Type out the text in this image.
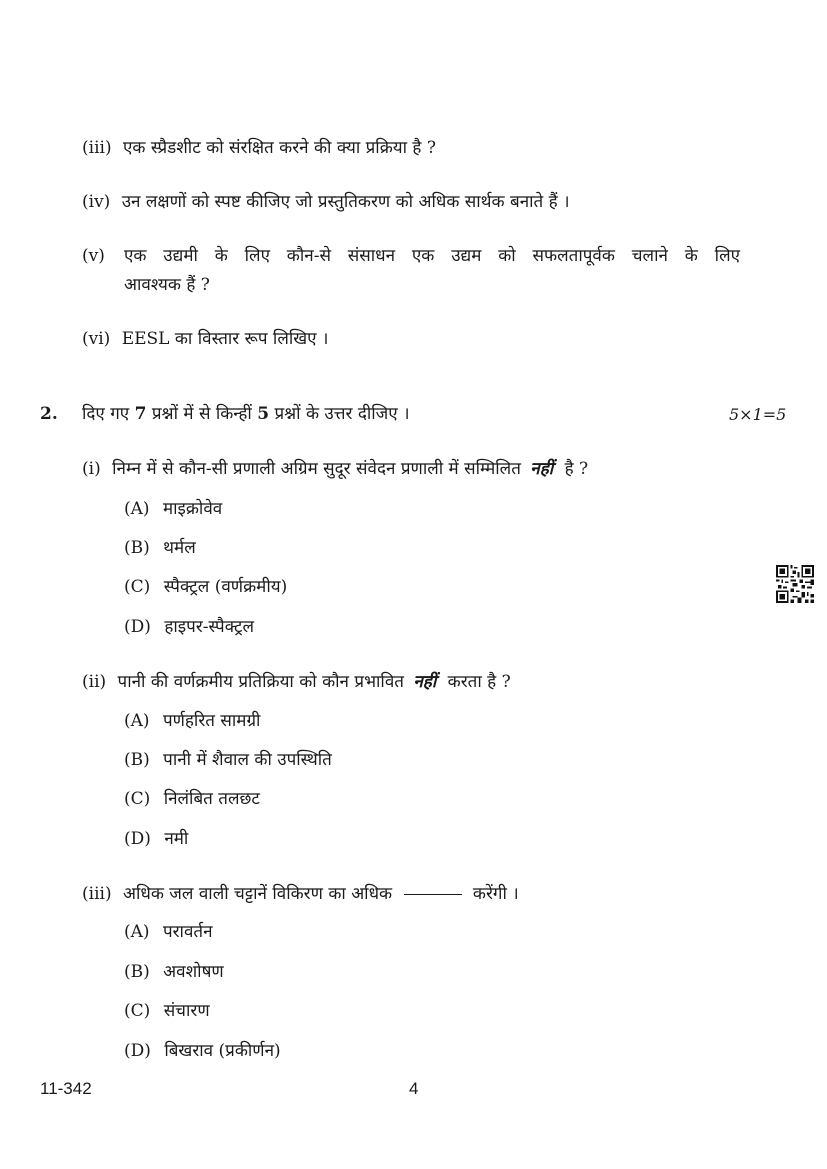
(iii) एक स्प्रैडशीट को संरक्षित करने की क्या प्रक्रिया है ?
(iv) उन लक्षणों को स्पष्ट कीजिए जो प्रस्तुतिकरण को अधिक सार्थक बनाते हैं ।
(v) एक उद्यमी के लिए कौन-से संसाधन एक उद्यम को सफलतापूर्वक चलाने के लिए
आवश्यक हैं ?
(vi) EESL का विस्तार रूप लिखिए ।
2. दिए गए 7 प्रश्नों में से किन्हीं 5 प्रश्नों के उत्तर दीजिए ।	5×1=5
(i) निम्न में से कौन-सी प्रणाली अग्रिम सुदूर संवेदन प्रणाली में सम्मिलित नहीं है ?
(A) माइक्रोवेव
(B) थर्मल
(C) स्पैक्ट्रल (वर्णक्रमीय)
(D) हाइपर-स्पैक्ट्रल
(ii) पानी की वर्णक्रमीय प्रतिक्रिया को कौन प्रभावित नहीं करता है ?
(A) पर्णहरित सामग्री
(B) पानी में शैवाल की उपस्थिति
(C) निलंबित तलछट
(D) नमी
(iii) अधिक जल वाली चट्टानें विकिरण का अधिक	करेंगी ।
(A) परावर्तन
(B) अवशोषण
(C) संचारण
(D) बिखराव (प्रकीर्णन)
11-342	4
